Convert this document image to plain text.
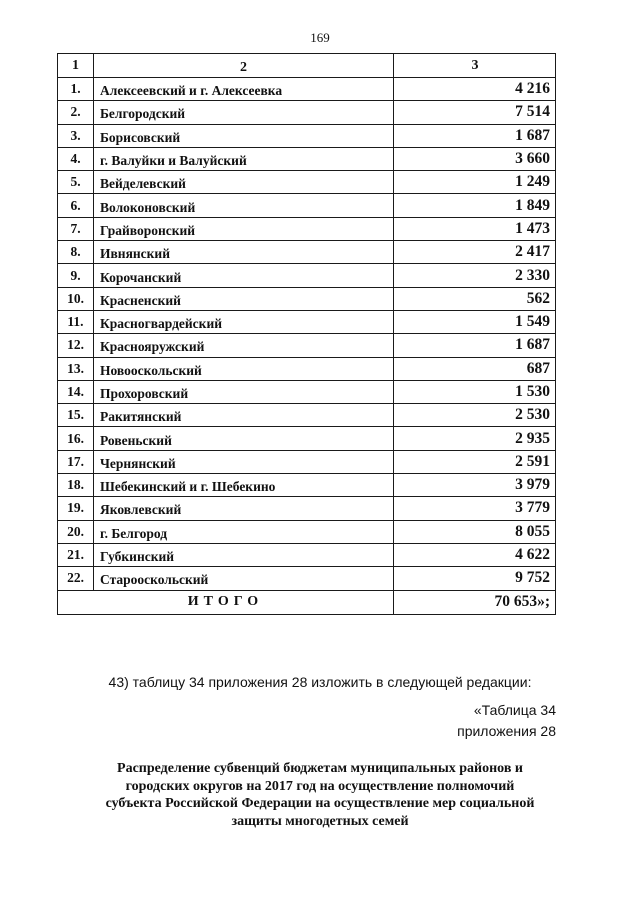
169
1	2	3
1.	Алексеевский и г. Алексеевка	4 216
2.	Белгородский	7 514
3.	Борисовский	1 687
4.	г. Валуйки и Валуйский	3 660
5.	Вейделевский	1 249
6.	Волоконовский	1 849
7.	Грайворонский	1 473
8.	Ивнянский	2 417
9.	Корочанский	2 330
10.	Красненский	562
11.	Красногвардейский	1 549
12.	Краснояружский	1 687
13.	Новооскольский	687
14.	Прохоровский	1 530
15.	Ракитянский	2 530
16.	Ровеньский	2 935
17.	Чернянский	2 591
18.	Шебекинский и г. Шебекино	3 979
19.	Яковлевский	3 779
20.	г. Белгород	8 055
21.	Губкинский	4 622
22.	Старооскольский	9 752
ИТОГО		70 653»;
43) таблицу 34 приложения 28 изложить в следующей редакции:
«Таблица 34
приложения 28
Распределение субвенций бюджетам муниципальных районов и
городских округов на 2017 год на осуществление полномочий
субъекта Российской Федерации на осуществление мер социальной
защиты многодетных семей
